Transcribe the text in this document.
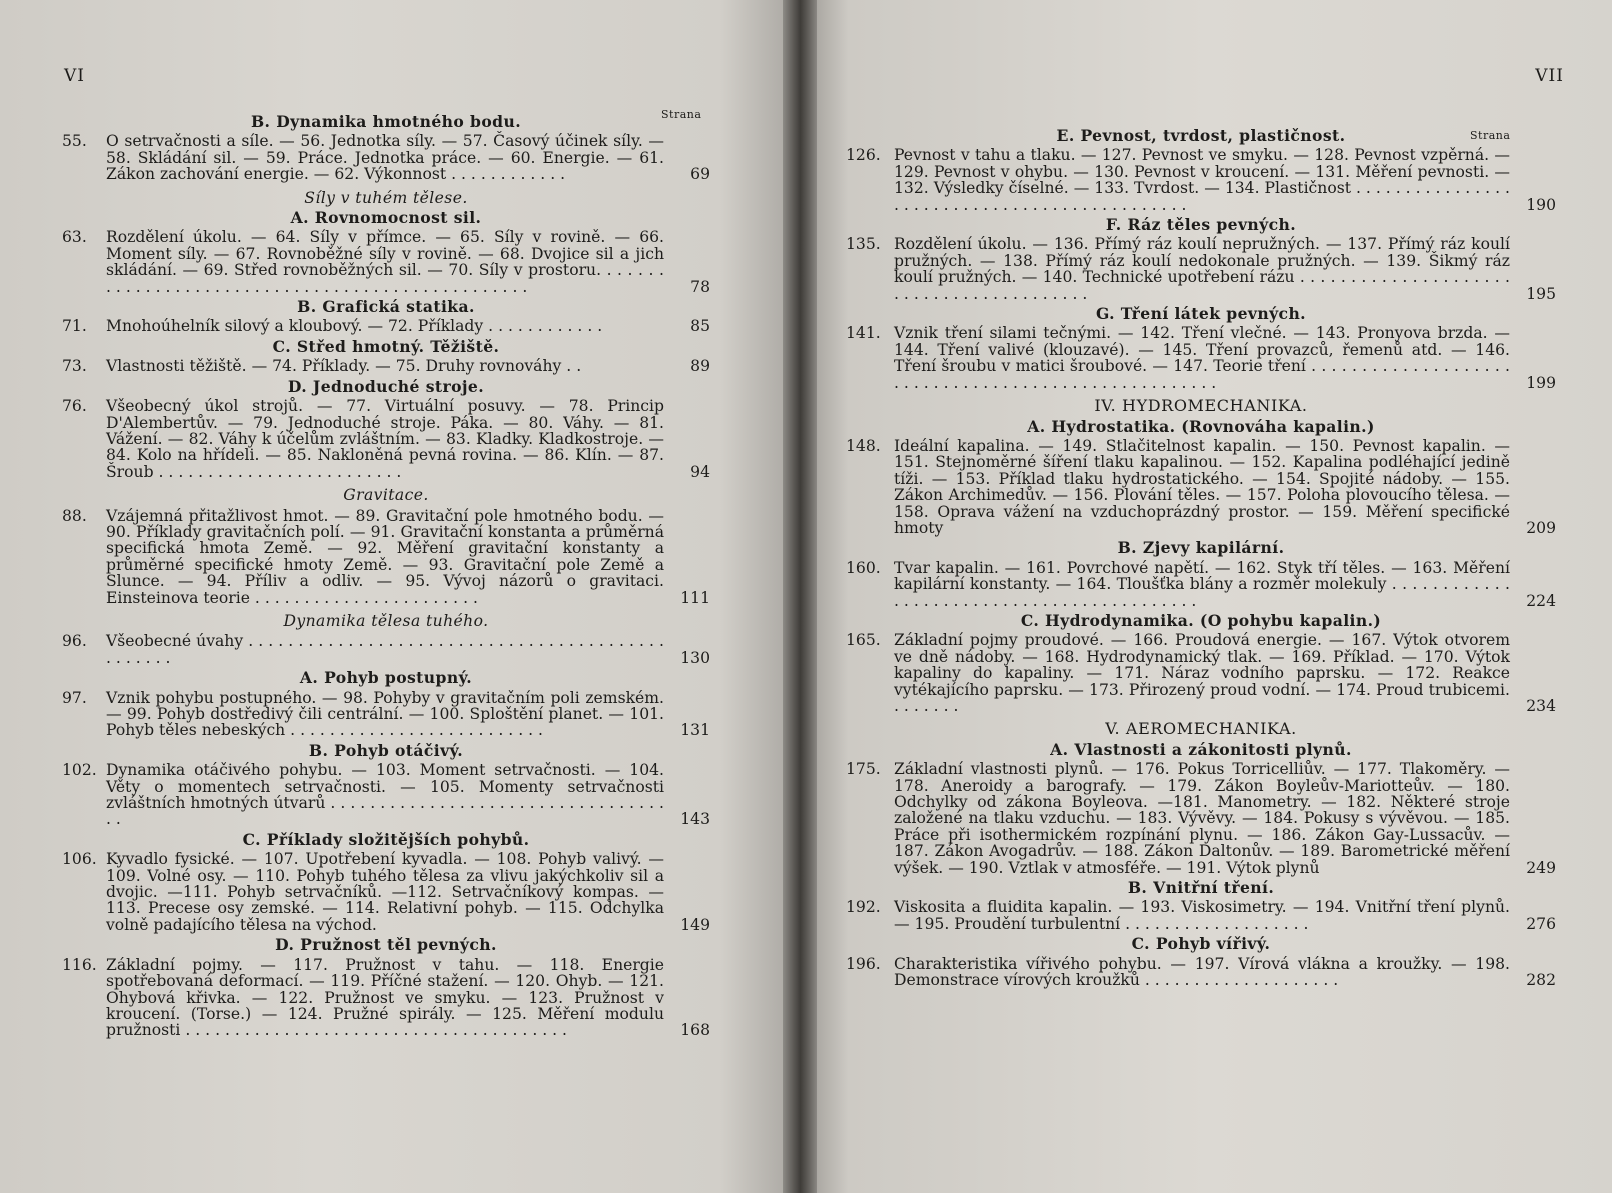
VI
Strana
B. Dynamika hmotného bodu.
55.	O setrvačnosti a síle. — 56. Jednotka síly. — 57. Časový účinek síly. — 58. Skládání sil. — 59. Práce. Jednotka práce. — 60. Energie. — 61. Zákon zachování energie. — 62. Výkonnost . . . . . . . . . . . .	69
Síly v tuhém tělese.
A. Rovnomocnost sil.
63.	Rozdělení úkolu. — 64. Síly v přímce. — 65. Síly v rovině. — 66. Moment síly. — 67. Rovnoběžné síly v rovině. — 68. Dvojice sil a jich skládání. — 69. Střed rovnoběžných sil. — 70. Síly v prostoru. . . . . . . . . . . . . . . . . . . . . . . . . . . . . . . . . . . . . . . . . . . . . . . . . .	78
B. Grafická statika.
71.	Mnohoúhelník silový a kloubový. — 72. Příklady . . . . . . . . . . . .	85
C. Střed hmotný. Těžiště.
73.	Vlastnosti těžiště. — 74. Příklady. — 75. Druhy rovnováhy . .	89
D. Jednoduché stroje.
76.	Všeobecný úkol strojů. — 77. Virtuální posuvy. — 78. Princip D'Alembertův. — 79. Jednoduché stroje. Páka. — 80. Váhy. — 81. Vážení. — 82. Váhy k účelům zvláštním. — 83. Kladky. Kladkostroje. — 84. Kolo na hřídeli. — 85. Nakloněná pevná rovina. — 86. Klín. — 87. Šroub . . . . . . . . . . . . . . . . . . . . . . . . .	94
Gravitace.
88.	Vzájemná přitažlivost hmot. — 89. Gravitační pole hmotného bodu. — 90. Příklady gravitačních polí. — 91. Gravitační konstanta a průměrná specifická hmota Země. — 92. Měření gravitační konstanty a průměrné specifické hmoty Země. — 93. Gravitační pole Země a Slunce. — 94. Příliv a odliv. — 95. Vývoj názorů o gravitaci. Einsteinova teorie . . . . . . . . . . . . . . . . . . . . . . .	111
Dynamika tělesa tuhého.
96.	Všeobecné úvahy . . . . . . . . . . . . . . . . . . . . . . . . . . . . . . . . . . . . . . . . . . . . . . . . .	130
A. Pohyb postupný.
97.	Vznik pohybu postupného. — 98. Pohyby v gravitačním poli zemském. — 99. Pohyb dostředivý čili centrální. — 100. Sploštění planet. — 101. Pohyb těles nebeských . . . . . . . . . . . . . . . . . . . . . . . . . .	131
B. Pohyb otáčivý.
102. Dynamika otáčivého pohybu. — 103. Moment setrvačnosti. — 104. Věty o momentech setrvačnosti. — 105. Momenty setrvačnosti zvláštních hmotných útvarů . . . . . . . . . . . . . . . . . . . . . . . . . . . . . . . . . . . .	143
C. Příklady složitějších pohybů.
106. Kyvadlo fysické. — 107. Upotřebení kyvadla. — 108. Pohyb valivý. — 109. Volné osy. — 110. Pohyb tuhého tělesa za vlivu jakýchkoliv sil a dvojic. —111. Pohyb setrvačníků. —112. Setrvačníkový kompas. — 113. Precese osy zemské. — 114. Relativní pohyb. — 115. Odchylka volně padajícího tělesa na východ.	149
D. Pružnost těl pevných.
116. Základní pojmy. — 117. Pružnost v tahu. — 118. Energie spotřebovaná deformací. — 119. Příčné stažení. — 120. Ohyb. — 121. Ohybová křivka. — 122. Pružnost ve smyku. — 123. Pružnost v kroucení. (Torse.) — 124. Pružné spirály. — 125. Měření modulu pružnosti . . . . . . . . . . . . . . . . . . . . . . . . . . . . . . . . . . . . . . .	168
VII
Strana
E. Pevnost, tvrdost, plastičnost.
126. Pevnost v tahu a tlaku. — 127. Pevnost ve smyku. — 128. Pevnost vzpěrná. — 129. Pevnost v ohybu. — 130. Pevnost v kroucení. — 131. Měření pevnosti. — 132. Výsledky číselné. — 133. Tvrdost. — 134. Plastičnost . . . . . . . . . . . . . . . . . . . . . . . . . . . . . . . . . . . . . . . . . . . . . .	190
F. Ráz těles pevných.
135. Rozdělení úkolu. — 136. Přímý ráz koulí nepružných. — 137. Přímý ráz koulí pružných. — 138. Přímý ráz koulí nedokonale pružných. — 139. Šikmý ráz koulí pružných. — 140. Technické upotřebení rázu . . . . . . . . . . . . . . . . . . . . . . . . . . . . . . . . . . . . . . . . .	195
G. Tření látek pevných.
141. Vznik tření silami tečnými. — 142. Tření vlečné. — 143. Pronyova brzda. — 144. Tření valivé (klouzavé). — 145. Tření provazců, řemenů atd. — 146. Tření šroubu v matici šroubové. — 147. Teorie tření . . . . . . . . . . . . . . . . . . . . . . . . . . . . . . . . . . . . . . . . . . . . . . . . . . . . .	199
IV. HYDROMECHANIKA.
A. Hydrostatika. (Rovnováha kapalin.)
148. Ideální kapalina. — 149. Stlačitelnost kapalin. — 150. Pevnost kapalin. — 151. Stejnoměrné šíření tlaku kapalinou. — 152. Kapalina podléhající jedině tíži. — 153. Příklad tlaku hydrostatického. — 154. Spojité nádoby. — 155. Zákon Archimedův. — 156. Plování těles. — 157. Poloha plovoucího tělesa. — 158. Oprava vážení na vzduchoprázdný prostor. — 159. Měření specifické hmoty	209
B. Zjevy kapilární.
160. Tvar kapalin. — 161. Povrchové napětí. — 162. Styk tří těles. — 163. Měření kapilární konstanty. — 164. Tloušťka blány a rozměr molekuly . . . . . . . . . . . . . . . . . . . . . . . . . . . . . . . . . . . . . . . . . . .	224
C. Hydrodynamika. (O pohybu kapalin.)
165. Základní pojmy proudové. — 166. Proudová energie. — 167. Výtok otvorem ve dně nádoby. — 168. Hydrodynamický tlak. — 169. Příklad. — 170. Výtok kapaliny do kapaliny. — 171. Náraz vodního paprsku. — 172. Reakce vytékajícího paprsku. — 173. Přirozený proud vodní. — 174. Proud trubicemi. . . . . . . .	234
V. AEROMECHANIKA.
A. Vlastnosti a zákonitosti plynů.
175. Základní vlastnosti plynů. — 176. Pokus Torricelliův. — 177. Tlakoměry. — 178. Aneroidy a barografy. — 179. Zákon Boyleův-Mariotteův. — 180. Odchylky od zákona Boyleova. —181. Manometry. — 182. Některé stroje založené na tlaku vzduchu. — 183. Vývěvy. — 184. Pokusy s vývěvou. — 185. Práce při isothermickém rozpínání plynu. — 186. Zákon Gay-Lussacův. — 187. Zákon Avogadrův. — 188. Zákon Daltonův. — 189. Barometrické měření výšek. — 190. Vztlak v atmosféře. — 191. Výtok plynů	249
B. Vnitřní tření.
192. Viskosita a fluidita kapalin. — 193. Viskosimetry. — 194. Vnitřní tření plynů. — 195. Proudění turbulentní . . . . . . . . . . . . . . . . . . .	276
C. Pohyb vířivý.
196. Charakteristika vířivého pohybu. — 197. Vírová vlákna a kroužky. — 198. Demonstrace vírových kroužků . . . . . . . . . . . . . . . . . . . .	282
